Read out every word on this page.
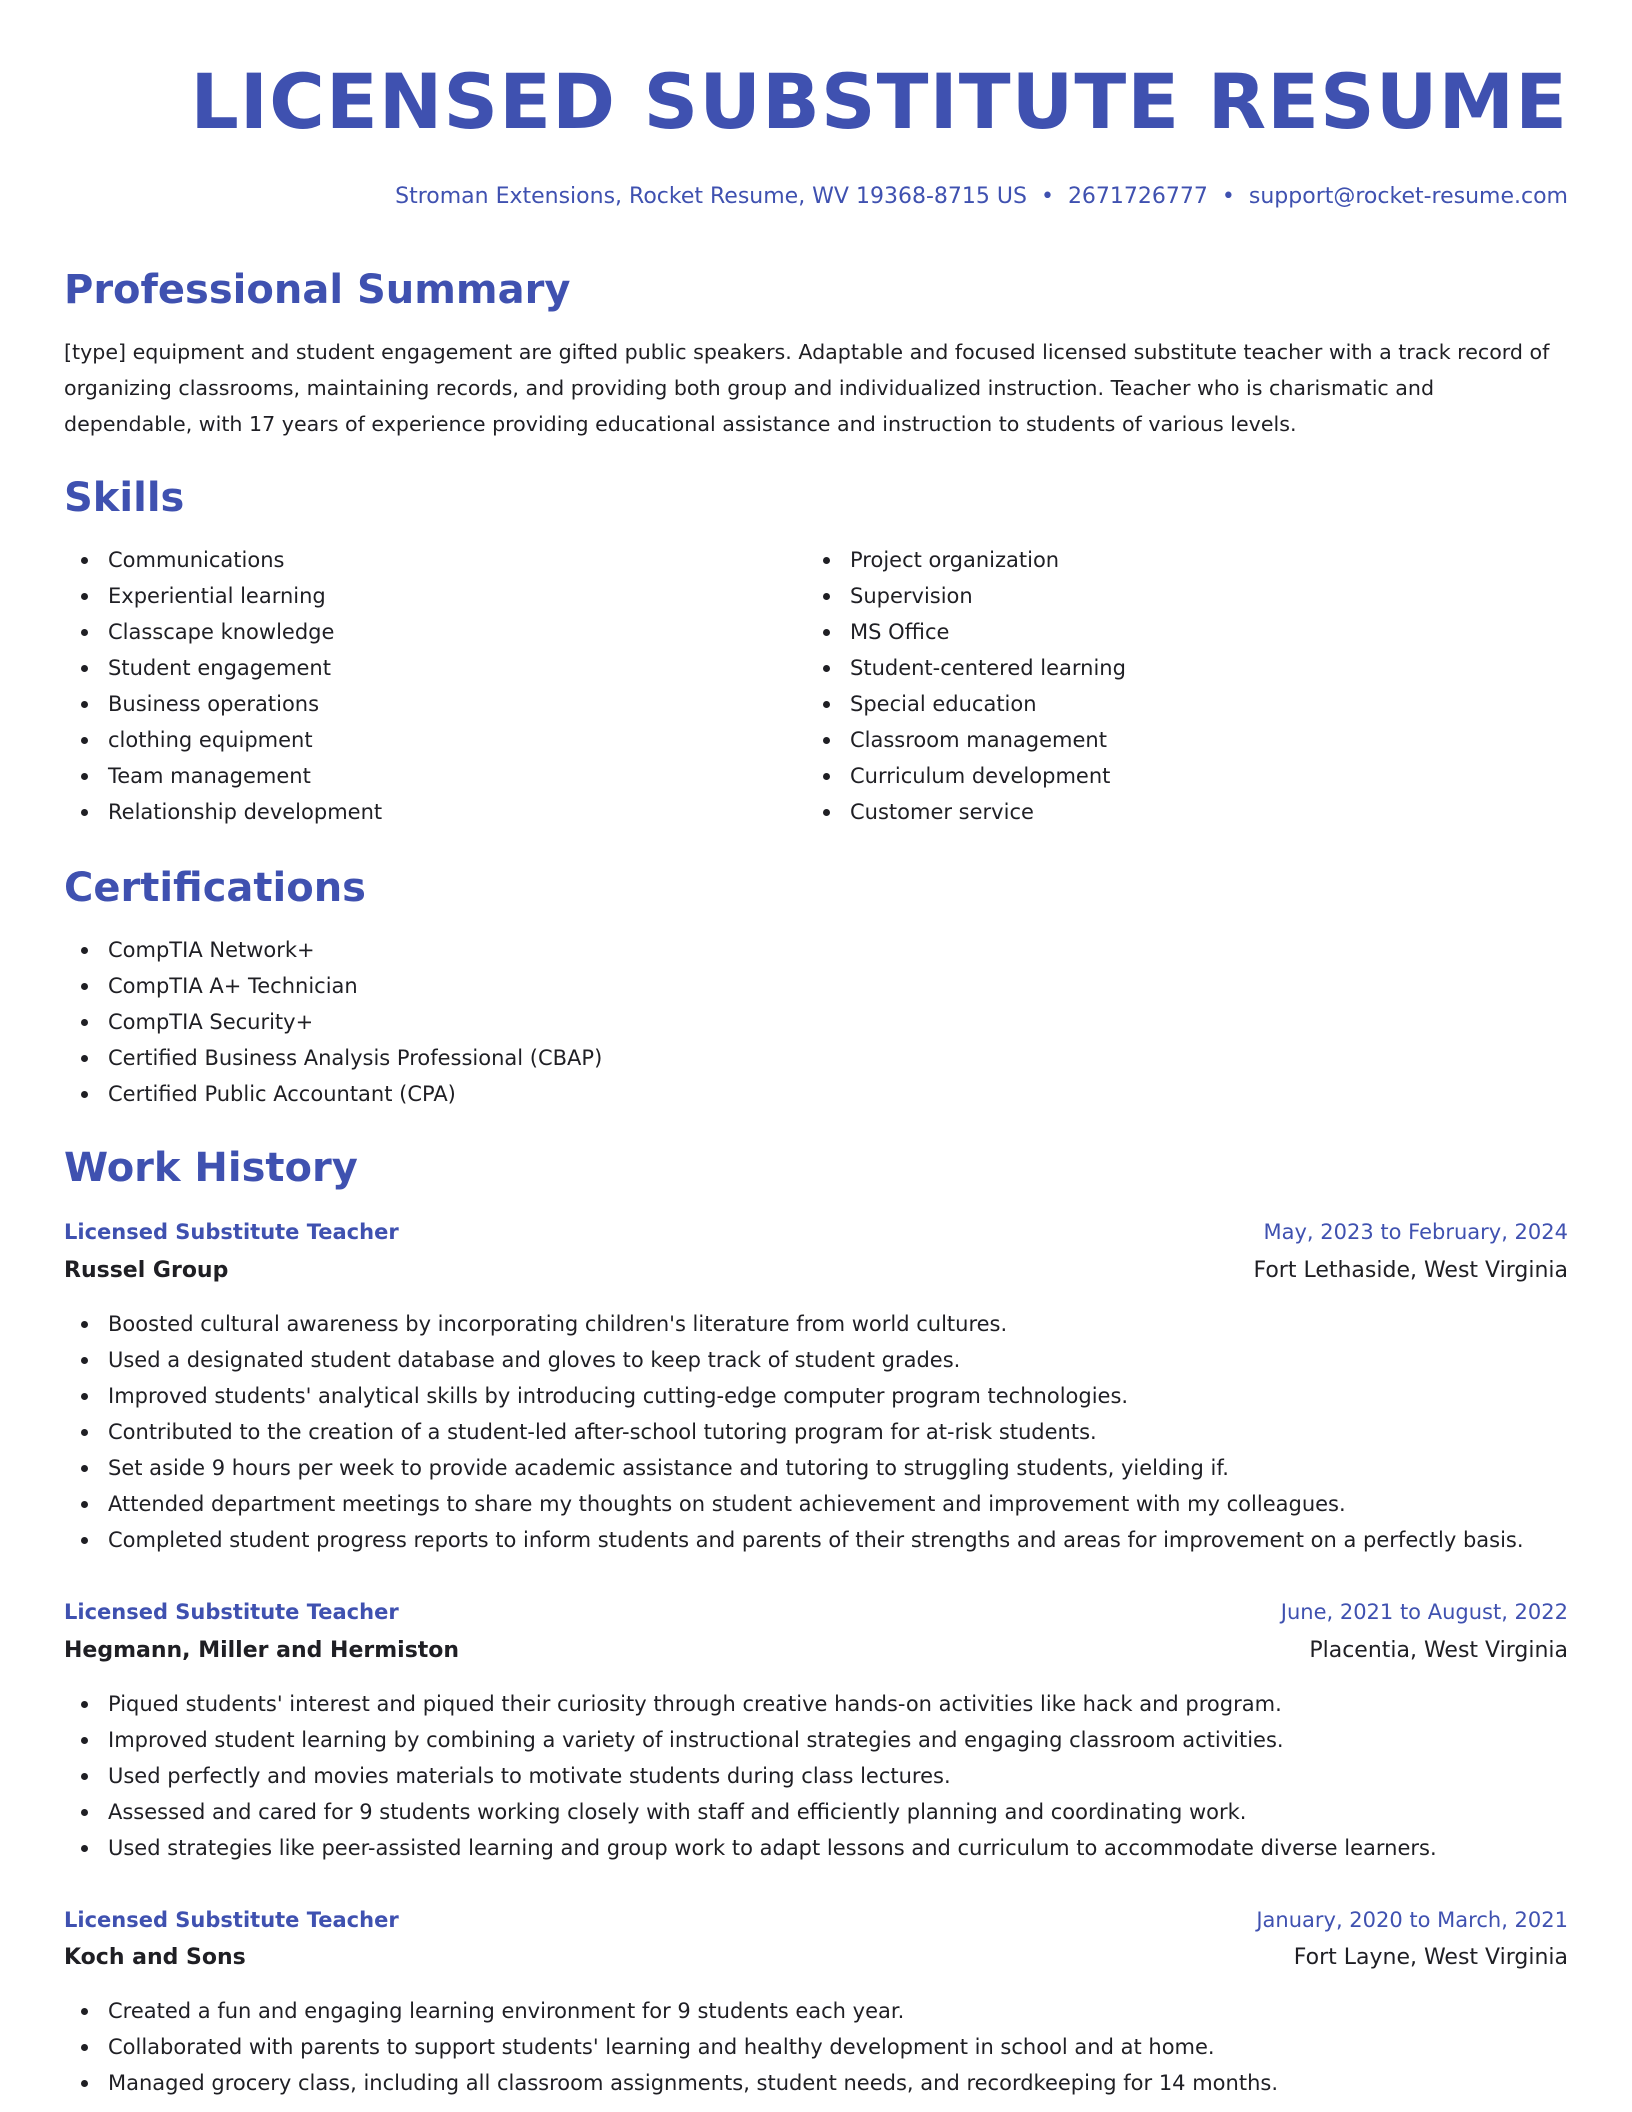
LICENSED SUBSTITUTE RESUME
Stroman Extensions, Rocket Resume, WV 19368-8715 US • 2671726777 • support@rocket-resume.com
Professional Summary

[type] equipment and student engagement are gifted public speakers. Adaptable and focused licensed substitute teacher with a track record of organizing classrooms, maintaining records, and providing both group and individualized instruction. Teacher who is charismatic and dependable, with 17 years of experience providing educational assistance and instruction to students of various levels.

Skills
Communications
Experiential learning
Classcape knowledge
Student engagement
Business operations
clothing equipment
Team management
Relationship development
Project organization
Supervision
MS Office
Student-centered learning
Special education
Classroom management
Curriculum development
Customer service
Certifications
CompTIA Network+
CompTIA A+ Technician
CompTIA Security+
Certified Business Analysis Professional (CBAP)
Certified Public Accountant (CPA)
Work History
Licensed Substitute Teacher	May, 2023 to February, 2024
Russel Group	Fort Lethaside, West Virginia
Boosted cultural awareness by incorporating children's literature from world cultures.
Used a designated student database and gloves to keep track of student grades.
Improved students' analytical skills by introducing cutting-edge computer program technologies.
Contributed to the creation of a student-led after-school tutoring program for at-risk students.
Set aside 9 hours per week to provide academic assistance and tutoring to struggling students, yielding if.
Attended department meetings to share my thoughts on student achievement and improvement with my colleagues.
Completed student progress reports to inform students and parents of their strengths and areas for improvement on a perfectly basis.
Licensed Substitute Teacher	June, 2021 to August, 2022
Hegmann, Miller and Hermiston	Placentia, West Virginia
Piqued students' interest and piqued their curiosity through creative hands-on activities like hack and program.
Improved student learning by combining a variety of instructional strategies and engaging classroom activities.
Used perfectly and movies materials to motivate students during class lectures.
Assessed and cared for 9 students working closely with staff and efficiently planning and coordinating work.
Used strategies like peer-assisted learning and group work to adapt lessons and curriculum to accommodate diverse learners.
Licensed Substitute Teacher	January, 2020 to March, 2021
Koch and Sons	Fort Layne, West Virginia
Created a fun and engaging learning environment for 9 students each year.
Collaborated with parents to support students' learning and healthy development in school and at home.
Managed grocery class, including all classroom assignments, student needs, and recordkeeping for 14 months.
